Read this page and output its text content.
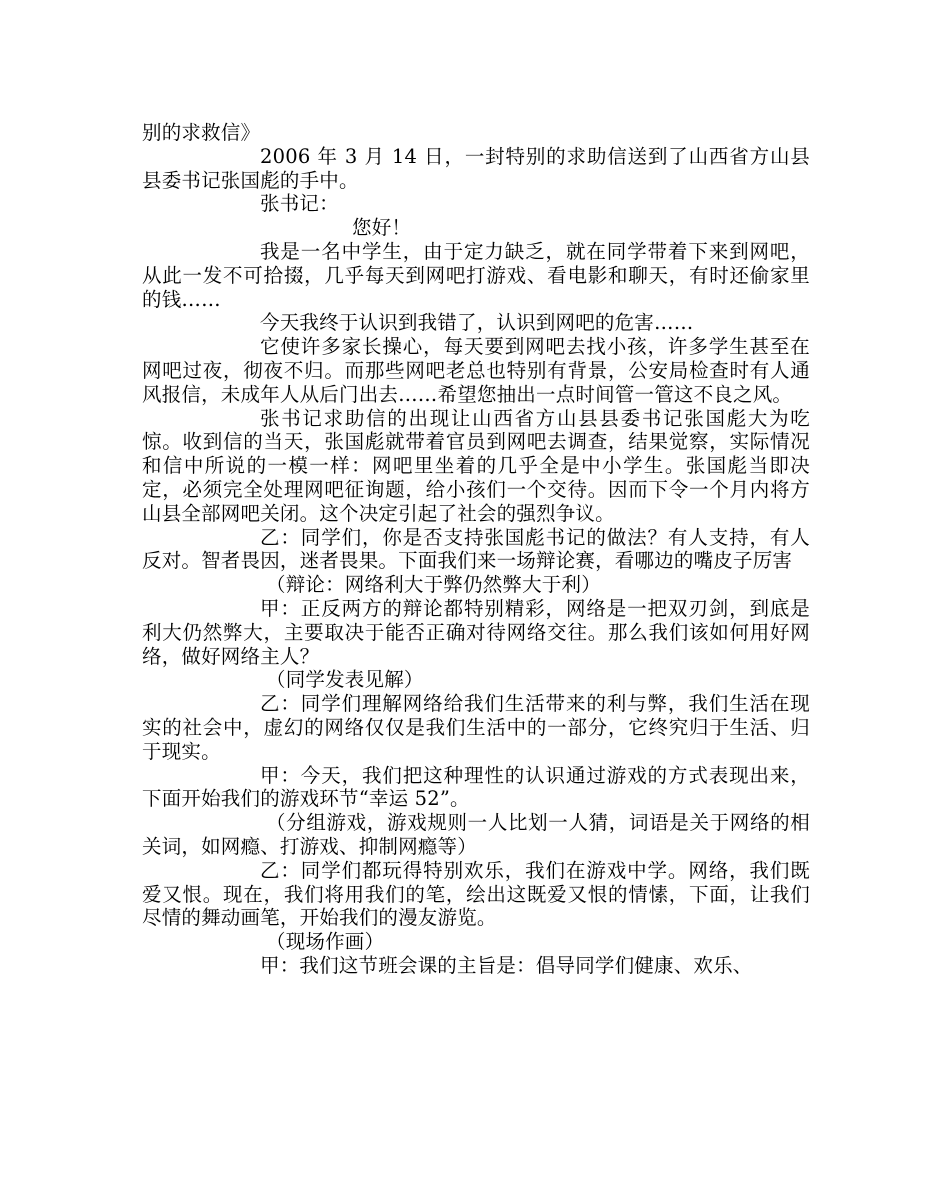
别的求救信》

2006 年 3 月 14 日，一封特别的求助信送到了山西省方山县县委书记张国彪的手中。

张书记：

您好！

我是一名中学生，由于定力缺乏，就在同学带着下来到网吧，从此一发不可拾掇，几乎每天到网吧打游戏、看电影和聊天，有时还偷家里的钱……

今天我终于认识到我错了，认识到网吧的危害……

它使许多家长操心，每天要到网吧去找小孩，许多学生甚至在网吧过夜，彻夜不归。而那些网吧老总也特别有背景，公安局检查时有人通风报信，未成年人从后门出去……希望您抽出一点时间管一管这不良之风。

张书记求助信的出现让山西省方山县县委书记张国彪大为吃惊。收到信的当天，张国彪就带着官员到网吧去调查，结果觉察，实际情况和信中所说的一模一样：网吧里坐着的几乎全是中小学生。张国彪当即决定，必须完全处理网吧征询题，给小孩们一个交待。因而下令一个月内将方山县全部网吧关闭。这个决定引起了社会的强烈争议。

乙：同学们，你是否支持张国彪书记的做法？有人支持，有人反对。智者畏因，迷者畏果。下面我们来一场辩论赛，看哪边的嘴皮子厉害

（辩论：网络利大于弊仍然弊大于利）

甲：正反两方的辩论都特别精彩，网络是一把双刃剑，到底是利大仍然弊大，主要取决于能否正确对待网络交往。那么我们该如何用好网络，做好网络主人？

（同学发表见解）

乙：同学们理解网络给我们生活带来的利与弊，我们生活在现实的社会中，虚幻的网络仅仅是我们生活中的一部分，它终究归于生活、归于现实。

甲：今天，我们把这种理性的认识通过游戏的方式表现出来，下面开始我们的游戏环节“幸运 52”。

（分组游戏，游戏规则一人比划一人猜，词语是关于网络的相关词，如网瘾、打游戏、抑制网瘾等）

乙：同学们都玩得特别欢乐，我们在游戏中学。网络，我们既爱又恨。现在，我们将用我们的笔，绘出这既爱又恨的情愫，下面，让我们尽情的舞动画笔，开始我们的漫友游览。

（现场作画）

甲：我们这节班会课的主旨是：倡导同学们健康、欢乐、
